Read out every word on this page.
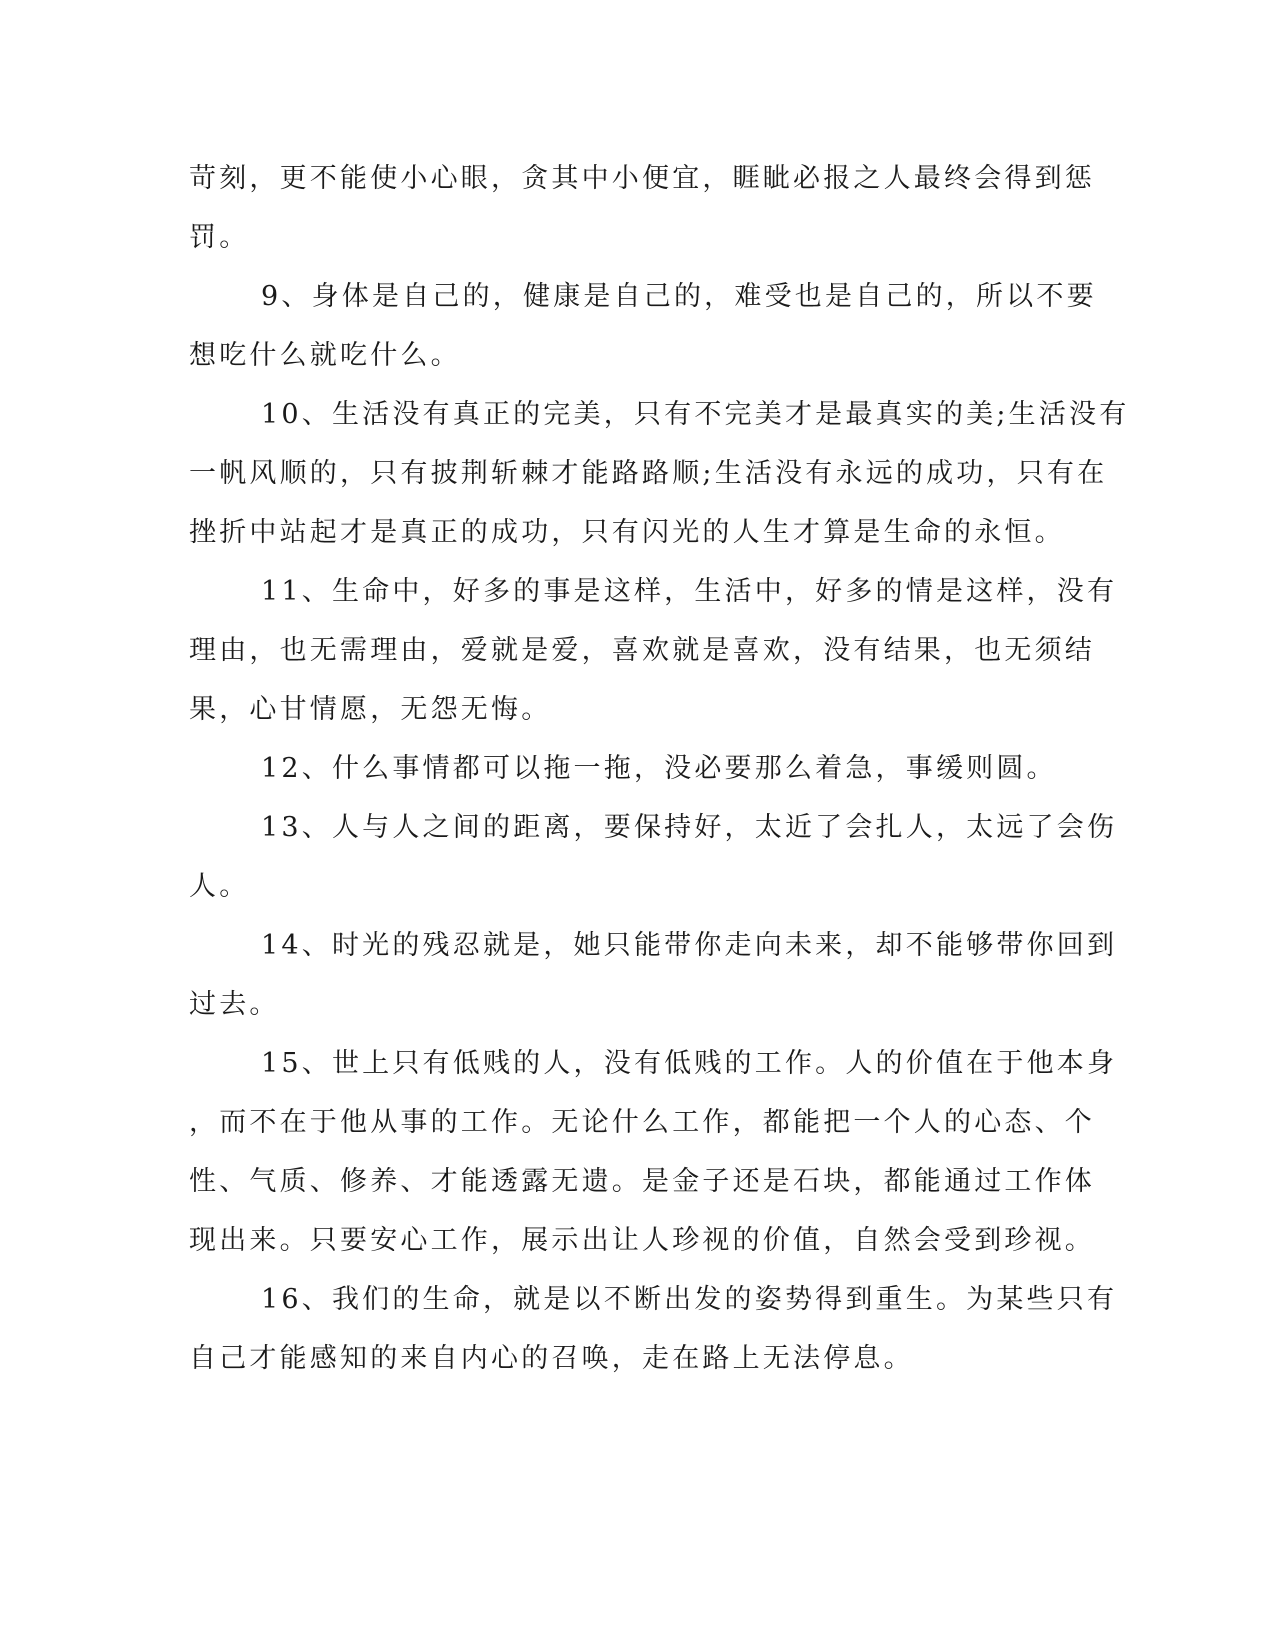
苛刻，更不能使小心眼，贪其中小便宜，睚眦必报之人最终会得到惩
罚。
9、身体是自己的，健康是自己的，难受也是自己的，所以不要
想吃什么就吃什么。
10、生活没有真正的完美，只有不完美才是最真实的美;生活没有
一帆风顺的，只有披荆斩棘才能路路顺;生活没有永远的成功，只有在
挫折中站起才是真正的成功，只有闪光的人生才算是生命的永恒。
11、生命中，好多的事是这样，生活中，好多的情是这样，没有
理由，也无需理由，爱就是爱，喜欢就是喜欢，没有结果，也无须结
果，心甘情愿，无怨无悔。
12、什么事情都可以拖一拖，没必要那么着急，事缓则圆。
13、人与人之间的距离，要保持好，太近了会扎人，太远了会伤
人。
14、时光的残忍就是，她只能带你走向未来，却不能够带你回到
过去。
15、世上只有低贱的人，没有低贱的工作。人的价值在于他本身
，而不在于他从事的工作。无论什么工作，都能把一个人的心态、个
性、气质、修养、才能透露无遗。是金子还是石块，都能通过工作体
现出来。只要安心工作，展示出让人珍视的价值，自然会受到珍视。
16、我们的生命，就是以不断出发的姿势得到重生。为某些只有
自己才能感知的来自内心的召唤，走在路上无法停息。
